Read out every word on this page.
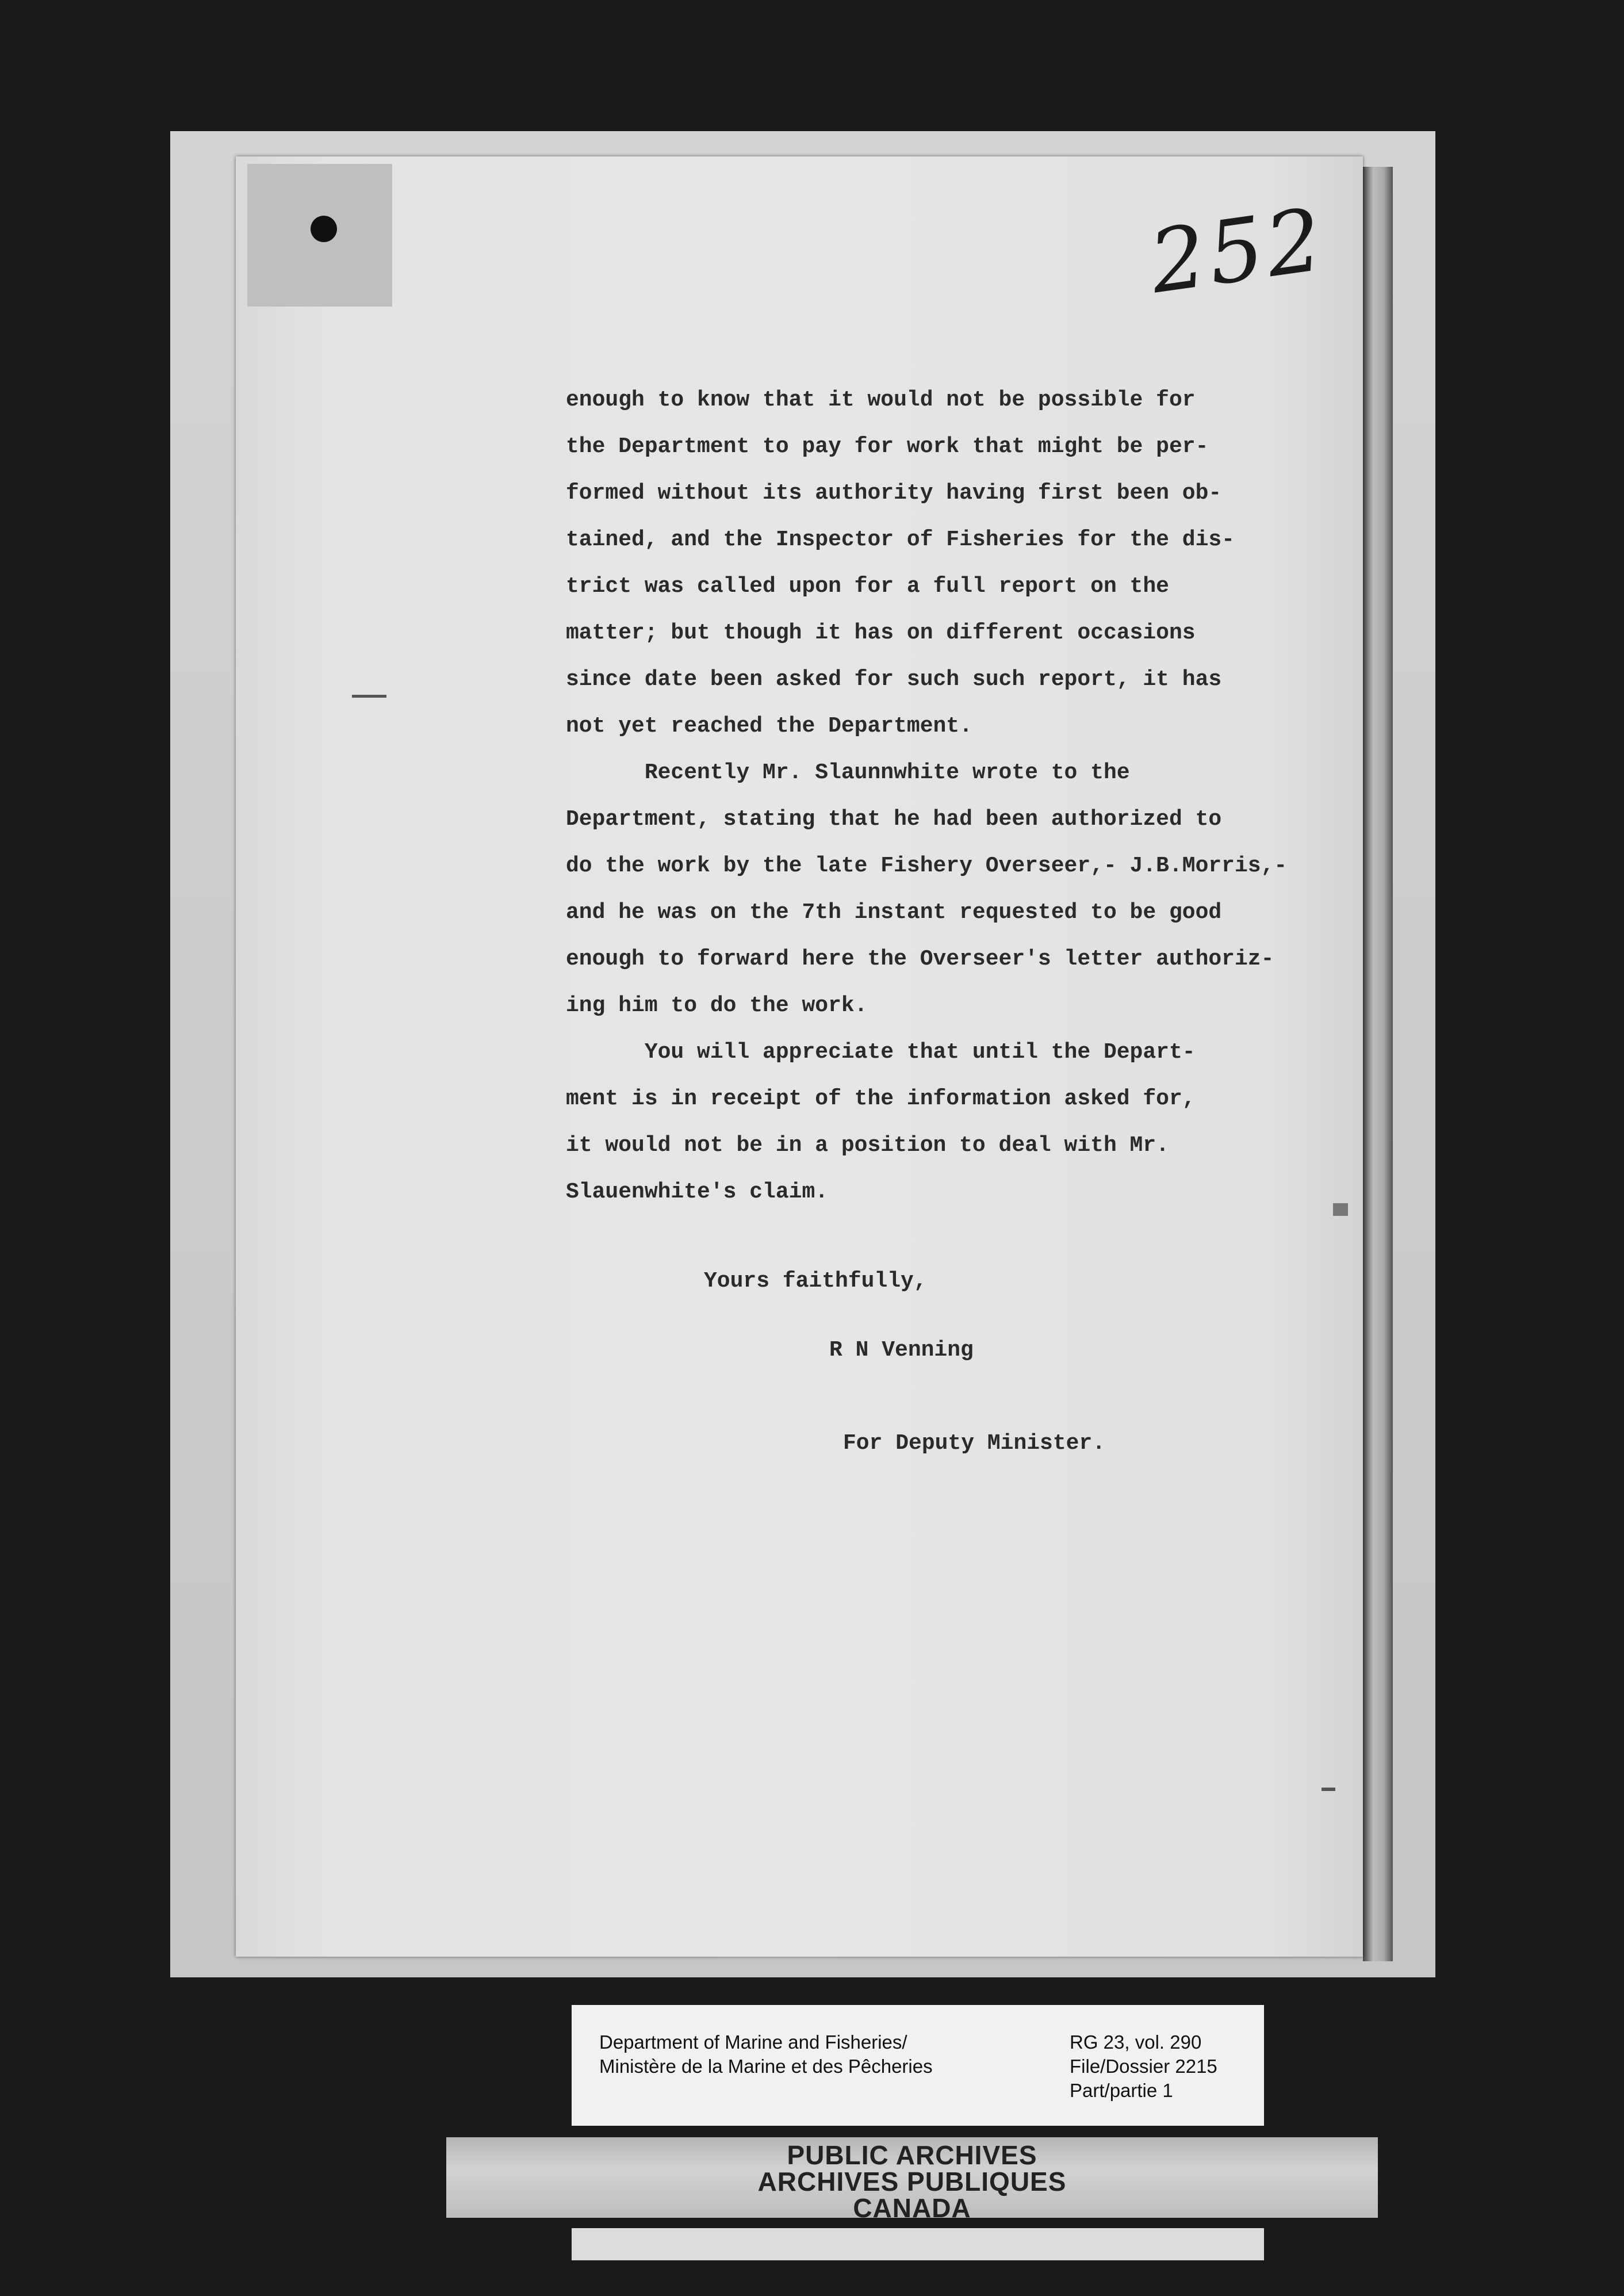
252

enough to know that it would not be possible for

the Department to pay for work that might be per-

formed without its authority having first been ob-

tained, and the Inspector of Fisheries for the dis-

trict was called upon for a full report on the

matter; but though it has on different occasions

since date been asked for such such report, it has

not yet reached the Department.

Recently Mr. Slaunnwhite wrote to the

Department, stating that he had been authorized to

do the work by the late Fishery Overseer,- J.B.Morris,-

and he was on the 7th instant requested to be good

enough to forward here the Overseer's letter authoriz-

ing him to do the work.

You will appreciate that until the Depart-

ment is in receipt of the information asked for,

it would not be in a position to deal with Mr.

Slauenwhite's claim.

Yours faithfully,

R N Venning

For Deputy Minister.

Department of Marine and Fisheries/
Ministère de la Marine et des Pêcheries
RG 23, vol. 290
File/Dossier 2215
Part/partie 1
PUBLIC ARCHIVES
ARCHIVES PUBLIQUES
CANADA
